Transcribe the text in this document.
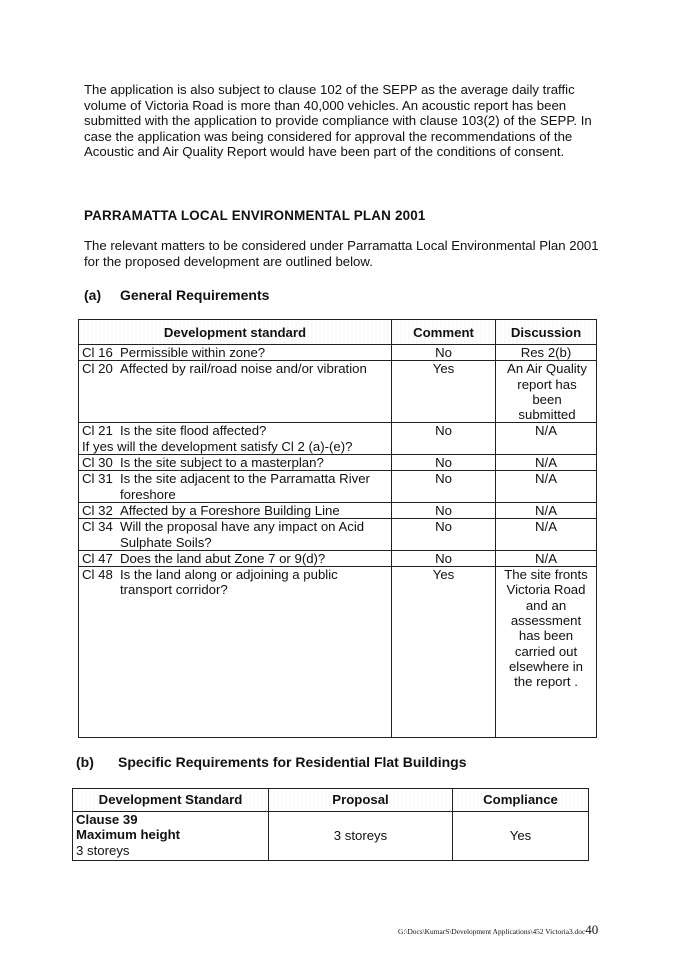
The application is also subject to clause 102 of the SEPP as the average daily traffic volume of Victoria Road is more than 40,000 vehicles. An acoustic report has been submitted with the application to provide compliance with clause 103(2) of the SEPP. In case the application was being considered for approval the recommendations of the Acoustic and Air Quality Report would have been part of the conditions of consent.

PARRAMATTA LOCAL ENVIRONMENTAL PLAN 2001

The relevant matters to be considered under Parramatta Local Environmental Plan 2001 for the proposed development are outlined below.

(a) General Requirements

Development standard	Comment	Discussion

Cl 16 Permissible within zone?	No	Res 2(b)

Cl 20 Affected by rail/road noise and/or vibration	Yes	An Air Quality report has been submitted

Cl 21 Is the site flood affected?
If yes will the development satisfy Cl 2 (a)-(e)?	No	N/A

Cl 30 Is the site subject to a masterplan?	No	N/A

Cl 31 Is the site adjacent to the Parramatta River foreshore	No	N/A

Cl 32 Affected by a Foreshore Building Line	No	N/A

Cl 34 Will the proposal have any impact on Acid Sulphate Soils?	No	N/A

Cl 47 Does the land abut Zone 7 or 9(d)?	No	N/A

Cl 48 Is the land along or adjoining a public transport corridor?	Yes	The site fronts Victoria Road and an assessment has been carried out elsewhere in the report .

(b) Specific Requirements for Residential Flat Buildings

Development Standard	Proposal	Compliance

Clause 39
Maximum height
3 storeys	3 storeys	Yes
G:\Docs\KumarS\Development Applications\452 Victoria3.doc40
